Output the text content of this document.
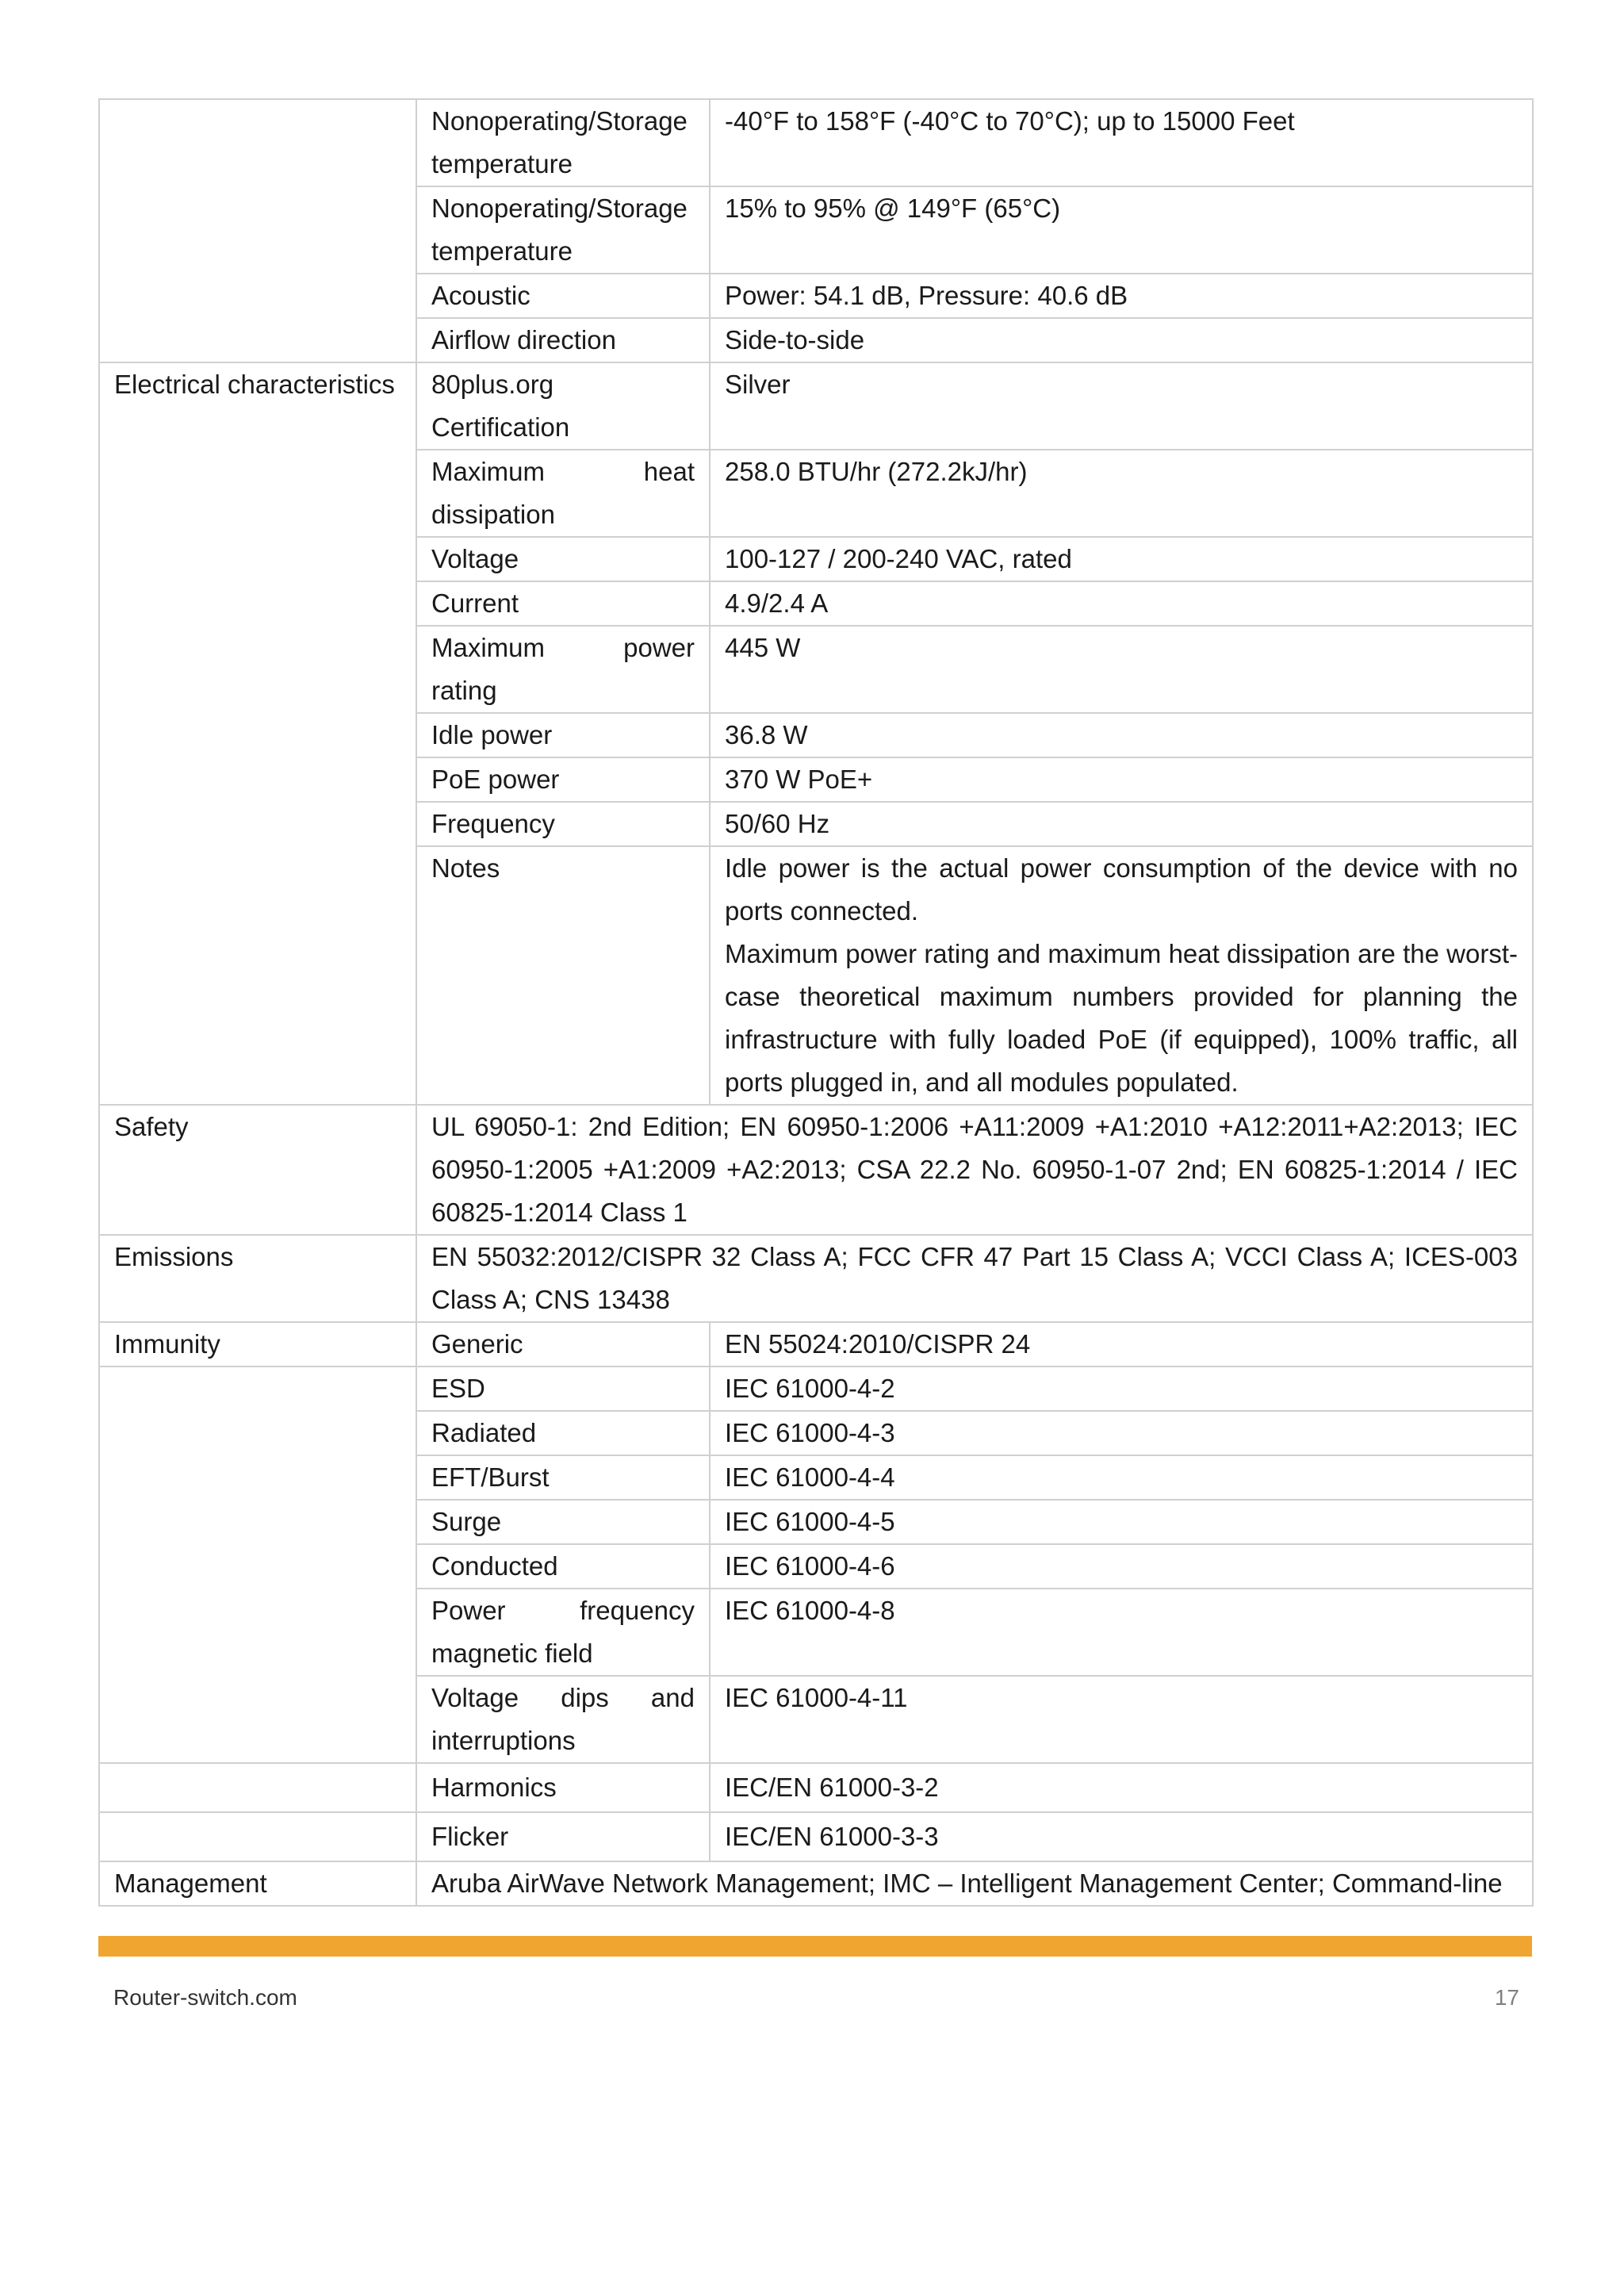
	Nonoperating/Storage temperature	-40°F to 158°F (-40°C to 70°C); up to 15000 Feet
	Nonoperating/Storage temperature	15% to 95% @ 149°F (65°C)
	Acoustic	Power: 54.1 dB, Pressure: 40.6 dB
	Airflow direction	Side-to-side
Electrical characteristics	80plus.org Certification	Silver
	Maximum heat dissipation	258.0 BTU/hr (272.2kJ/hr)
	Voltage	100-127 / 200-240 VAC, rated
	Current	4.9/2.4 A
	Maximum power rating	445 W
	Idle power	36.8 W
	PoE power	370 W PoE+
	Frequency	50/60 Hz
	Notes	Idle power is the actual power consumption of the device with no ports connected.

Maximum power rating and maximum heat dissipation are the worst-case theoretical maximum numbers provided for planning the infrastructure with fully loaded PoE (if equipped), 100% traffic, all ports plugged in, and all modules populated.

Safety	UL 69050-1: 2nd Edition; EN 60950-1:2006 +A11:2009 +A1:2010 +A12:2011+A2:2013; IEC 60950-1:2005 +A1:2009 +A2:2013; CSA 22.2 No. 60950-1-07 2nd; EN 60825-1:2014 / IEC 60825-1:2014 Class 1	
Emissions	EN 55032:2012/CISPR 32 Class A; FCC CFR 47 Part 15 Class A; VCCI Class A; ICES-003 Class A; CNS 13438	
Immunity	Generic	EN 55024:2010/CISPR 24
	ESD	IEC 61000-4-2
	Radiated	IEC 61000-4-3
	EFT/Burst	IEC 61000-4-4
	Surge	IEC 61000-4-5
	Conducted	IEC 61000-4-6
	Power frequency magnetic field	IEC 61000-4-8
	Voltage dips and interruptions	IEC 61000-4-11
	Harmonics	IEC/EN 61000-3-2
	Flicker	IEC/EN 61000-3-3
Management	Aruba AirWave Network Management; IMC – Intelligent Management Center; Command-line	
Router-switch.com	17
